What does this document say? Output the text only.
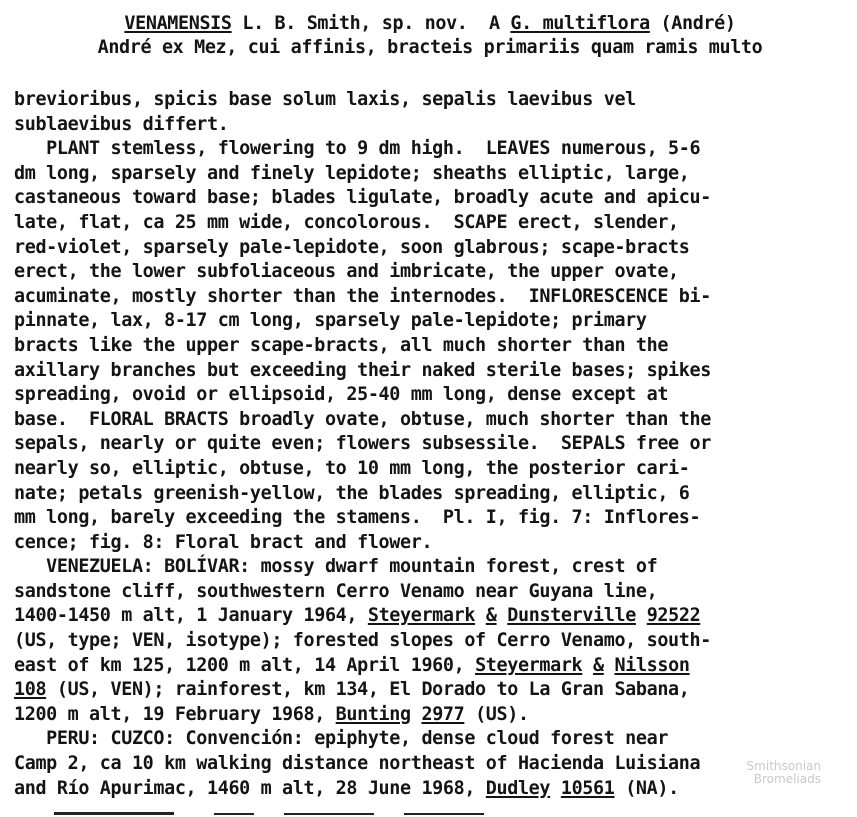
VENAMENSIS L. B. Smith, sp. nov.  A G. multiflora (André)
André ex Mez, cui affinis, bracteis primariis quam ramis multo
brevioribus, spicis base solum laxis, sepalis laevibus vel
sublaevibus differt.
PLANT stemless, flowering to 9 dm high.  LEAVES numerous, 5-6
dm long, sparsely and finely lepidote; sheaths elliptic, large,
castaneous toward base; blades ligulate, broadly acute and apicu-
late, flat, ca 25 mm wide, concolorous.  SCAPE erect, slender,
red-violet, sparsely pale-lepidote, soon glabrous; scape-bracts
erect, the lower subfoliaceous and imbricate, the upper ovate,
acuminate, mostly shorter than the internodes.  INFLORESCENCE bi-
pinnate, lax, 8-17 cm long, sparsely pale-lepidote; primary
bracts like the upper scape-bracts, all much shorter than the
axillary branches but exceeding their naked sterile bases; spikes
spreading, ovoid or ellipsoid, 25-40 mm long, dense except at
base.  FLORAL BRACTS broadly ovate, obtuse, much shorter than the
sepals, nearly or quite even; flowers subsessile.  SEPALS free or
nearly so, elliptic, obtuse, to 10 mm long, the posterior cari-
nate; petals greenish-yellow, the blades spreading, elliptic, 6
mm long, barely exceeding the stamens.  Pl. I, fig. 7: Inflores-
cence; fig. 8: Floral bract and flower.
VENEZUELA: BOLÍVAR: mossy dwarf mountain forest, crest of
sandstone cliff, southwestern Cerro Venamo near Guyana line,
1400-1450 m alt, 1 January 1964, Steyermark & Dunsterville 92522
(US, type; VEN, isotype); forested slopes of Cerro Venamo, south-
east of km 125, 1200 m alt, 14 April 1960, Steyermark & Nilsson
108 (US, VEN); rainforest, km 134, El Dorado to La Gran Sabana,
1200 m alt, 19 February 1968, Bunting 2977 (US).
PERU: CUZCO: Convención: epiphyte, dense cloud forest near
Camp 2, ca 10 km walking distance northeast of Hacienda Luisiana
and Río Apurimac, 1460 m alt, 28 June 1968, Dudley 10561 (NA).
Smithsonian
Bromeliads
